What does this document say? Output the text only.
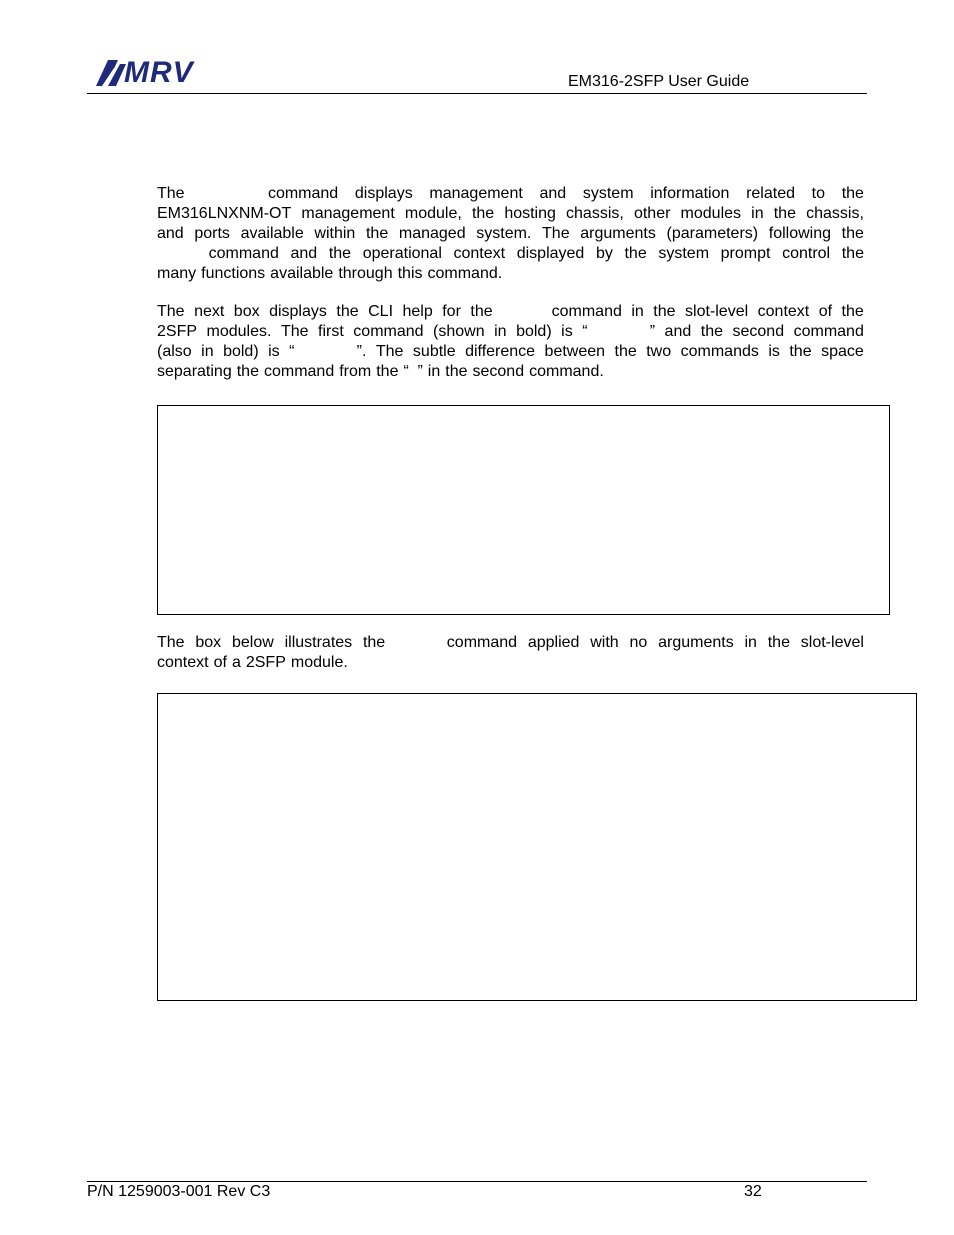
MRV	EM316-2SFP User Guide
The	command displays management and system information related to the
EM316LNXNM-OT management module, the hosting chassis, other modules in the chassis,
and ports available within the managed system. The arguments (parameters) following the
command and the operational context displayed by the system prompt control the
many functions available through this command.
The next box displays the CLI help for the	command in the slot-level context of the
2SFP modules. The first command (shown in bold) is “	” and the second command
(also in bold) is “	”. The subtle difference between the two commands is the space
separating the command from the “ ” in the second command.
The box below illustrates the	command applied with no arguments in the slot-level
context of a 2SFP module.
P/N 1259003-001 Rev C3	32
